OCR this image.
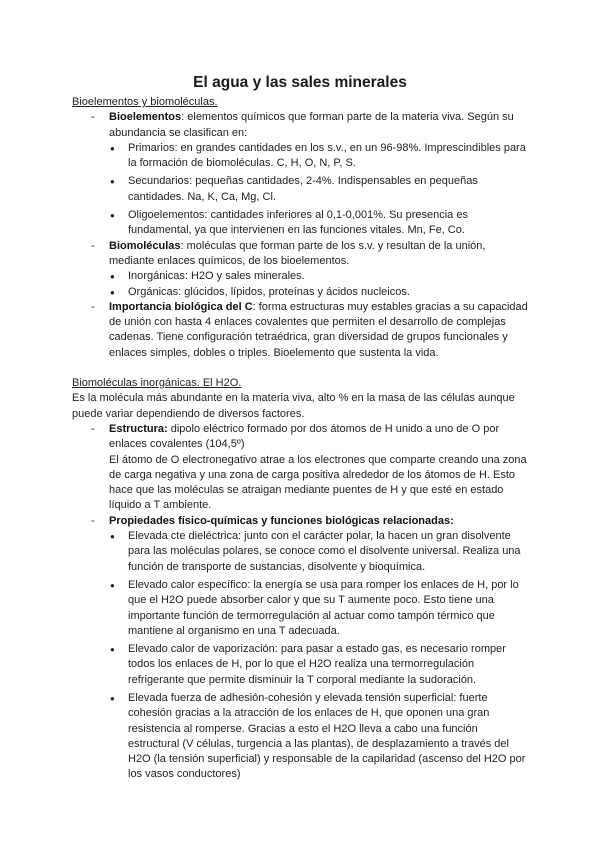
El agua y las sales minerales

Bioelementos y biomoléculas.

- Bioelementos: elementos químicos que forman parte de la materia viva. Según su abundancia se clasifican en:
● Primarios: en grandes cantidades en los s.v., en un 96-98%. Imprescindibles para la formación de biomoléculas. C, H, O, N, P, S.
● Secundarios: pequeñas cantidades, 2-4%. Indispensables en pequeñas cantidades. Na, K, Ca, Mg, Cl.
● Oligoelementos: cantidades inferiores al 0,1-0,001%. Su presencia es fundamental, ya que intervienen en las funciones vitales. Mn, Fe, Co.
- Biomoléculas: moléculas que forman parte de los s.v. y resultan de la unión, mediante enlaces químicos, de los bioelementos.
● Inorgánicas: H2O y sales minerales.
● Orgánicas: glúcidos, lípidos, proteínas y ácidos nucleicos.
- Importancia biológica del C: forma estructuras muy estables gracias a su capacidad de unión con hasta 4 enlaces covalentes que permiten el desarrollo de complejas cadenas. Tiene configuración tetraédrica, gran diversidad de grupos funcionales y enlaces simples, dobles o triples. Bioelemento que sustenta la vida.

Biomoléculas inorgánicas. El H2O.

Es la molécula más abundante en la materia viva, alto % en la masa de las células aunque puede variar dependiendo de diversos factores.

- Estructura: dipolo eléctrico formado por dos átomos de H unido a uno de O por enlaces covalentes (104,5º)

El átomo de O electronegativo atrae a los electrones que comparte creando una zona de carga negativa y una zona de carga positiva alrededor de los átomos de H. Esto hace que las moléculas se atraigan mediante puentes de H y que esté en estado líquido a T ambiente.

- Propiedades físico-químicas y funciones biológicas relacionadas:
● Elevada cte dieléctrica: junto con el carácter polar, la hacen un gran disolvente para las moléculas polares, se conoce como el disolvente universal. Realiza una función de transporte de sustancias, disolvente y bioquímica.
● Elevado calor específico: la energía se usa para romper los enlaces de H, por lo que el H2O puede absorber calor y que su T aumente poco. Esto tiene una importante función de termorregulación al actuar como tampón térmico que mantiene al organismo en una T adecuada.
● Elevado calor de vaporización: para pasar a estado gas, es necesario romper todos los enlaces de H, por lo que el H2O realiza una termorregulación refrigerante que permite disminuir la T corporal mediante la sudoración.
● Elevada fuerza de adhesión-cohesión y elevada tensión superficial: fuerte cohesión gracias a la atracción de los enlaces de H, que oponen una gran resistencia al romperse. Gracias a esto el H2O lleva a cabo una función estructural (V células, turgencia a las plantas), de desplazamiento a través del H2O (la tensión superficial) y responsable de la capilaridad (ascenso del H2O por los vasos conductores)
